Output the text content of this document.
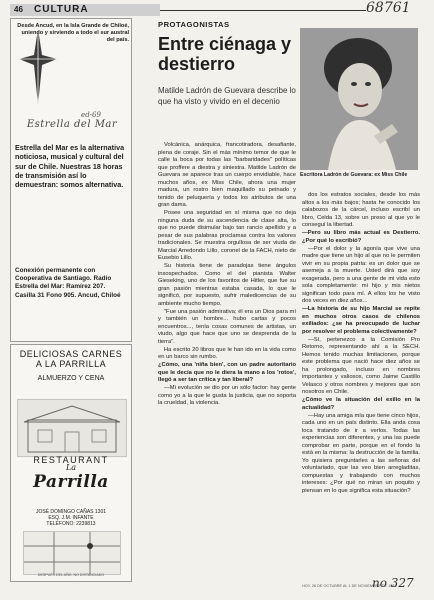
46 CULTURA	68761
Desde Ancud, en la Isla Grande de Chiloé, uniendo y sirviendo a todo el sur austral del país.
ed-69
Estrella del Mar
Estrella del Mar es la alternativa noticiosa, musical y cultural del sur de Chile. Nuestras 18 horas de transmisión así lo demuestran: somos alternativa.
Conexión permanente con Cooperativa de Santiago. Radio Estrella del Mar: Ramírez 207. Casilla 31 Fono 905. Ancud, Chiloé
DELICIOSAS CARNES
A LA PARRILLA
ALMUERZO Y CENA
La
Parrilla
RESTAURANT
JOSÉ DOMINGO CAÑAS 1301
ESQ. J.M. INFANTE
TELÉFONO: 2239813
DESPUÉS DEL AÑO, NO DISTANCIADO
PROTAGONISTAS
Entre ciénaga y destierro
Matilde Ladrón de Guevara describe lo que ha visto y vivido en el decenio
Escritora Ladrón de Guevara: ex Miss Chile

Volcánica, anárquica, francotiradora, desafiante, plena de coraje. Sin el más mínimo temor de que le calle la boca por todas las "barbaridades" políticas que proffere a diestra y siniestra. Matilde Ladrón de Guevara se aparece tras un cuerpo envidiable, hace muchos años, ex Miss Chile, ahora una mujer madura, un rostro bien maquillado su peinado y tenido de peluquería y todos los atributos de una gran dama.

Posee una seguridad en sí misma que no deja ninguna duda de su ascendencia de clase alta, lo que no puede disimular bajo tan rancio apellido y a pesar de sus palabras proclamas contra los valores tradicionales. Se muestra orgullosa de ser viuda de Marcial Arredondo Lillo, coronel de la FACH, nieto de Eusebio Lillo.

Su historia tiene de paradojas tiene ángulos insospechados. Como el del pianista Walter Gieseking, uno de los favoritos de Hitler, que fue su gran pasión mientras estaba casada, lo que le significó, por supuesto, sufrir maledicencias de su ambiente mucho tiempo.

"Fue una pasión admirativa; él era un Dios para mí y también un hombre... hubo cartas y pocos encuentros..., tenía cosas comunes de artistas, un viudo, algo que hace que uno se desprenda de la tierra".

Ha escrito 20 libros que le han ido en la vida como en un barco sin rumbo.

¿Cómo, una 'niña bien', con un padre autoritario que le decía que no le diera la mano a los 'rotos', llegó a ser tan crítica y tan liberal?

—Mi evolución se dio por un sólo factor: hay gente como yo a la que le gusta la justicia, que no soporta la crueldad, la violencia.

dos los estratos sociales, desde los más altos a los más bajos; hasta he conocido los calabozos de la cárcel, incluso escribí un libro, Celda 13, sobre un preso al que yo le conseguí la libertad.

—Pero su libro más actual es Destierro. ¿Por qué lo escribió?

—Por el dolor y la agonía que vive una madre que tiene un hijo al que no le permiten vivir en su propia patria: es un dolor que se asemeja a la muerte. Usted dirá que soy exagerada, pero a una gente de mi vida esto sola completamente: mi hijo y mis nietos significan todo para mí. A ellos los he visto dos veces en diez años...

—La historia de su hijo Marcial se repite en muchos otros casos de chilenos exiliados: ¿se ha preocupado de luchar por resolver el problema colectivamente?

—Sí, pertenezco a la Comisión Pro Retorno, representando ahí a la SECH. Hemos tenido muchas limitaciones, porque este problema que nació hace diez años se ha prolongado, incluso en nombres importantes y valiosos, como Jaime Castillo Velasco y otros nombres y mejores que son nosotros en Chile.

¿Cómo ve la situación del exilio en la actualidad?

—Hay una amiga mía que tiene cinco hijos, cada uno en un país distinto. Ella anda cosa loca tratando de ir a verlos. Todas las experiencias son diferentes, y una las puede comprobar en parte, porque en el fondo la está en la misma: la destrucción de la familia. Yo quisiera preguntarles a las señoras del voluntariado, que las veo bien arregladitas, compuestas y trabajando con muchos intereses: ¿Por qué no miran un poquito y piensan en lo que significa esta situación?

HOY, 26 DE OCTUBRE AL 1 DE NOVIEMBRE DE 1983
no 327
